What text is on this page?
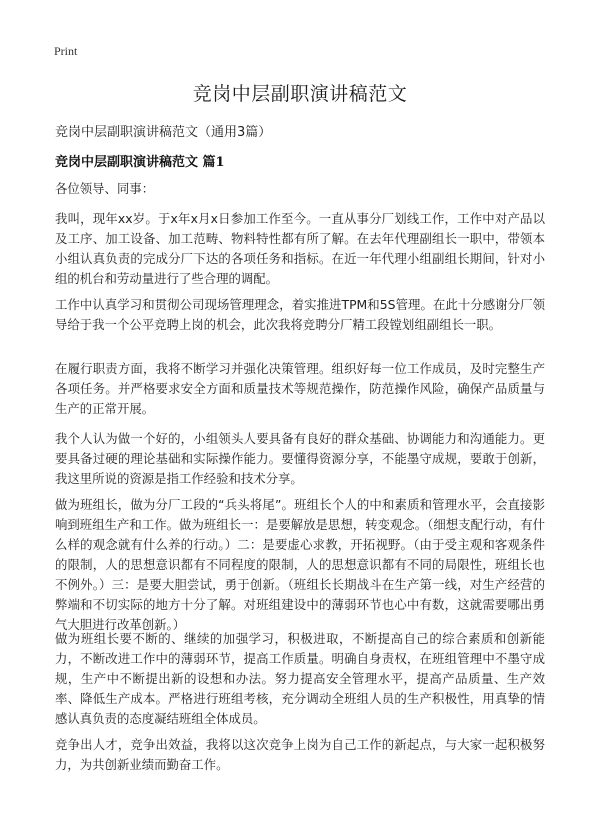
Print
竞岗中层副职演讲稿范文

竞岗中层副职演讲稿范文（通用3篇）

竞岗中层副职演讲稿范文 篇1

各位领导、同事：

我叫，现年xx岁。于x年x月x日参加工作至今。一直从事分厂划线工作，工作中对产品以及工序、加工设备、加工范畴、物料特性都有所了解。在去年代理副组长一职中，带领本小组认真负责的完成分厂下达的各项任务和指标。在近一年代理小组副组长期间，针对小组的机台和劳动量进行了些合理的调配。

工作中认真学习和贯彻公司现场管理理念，着实推进TPM和5S管理。在此十分感谢分厂领导给于我一个公平竞聘上岗的机会，此次我将竞聘分厂精工段镗划组副组长一职。

在履行职责方面，我将不断学习并强化决策管理。组织好每一位工作成员，及时完整生产各项任务。并严格要求安全方面和质量技术等规范操作，防范操作风险，确保产品质量与生产的正常开展。

我个人认为做一个好的，小组领头人要具备有良好的群众基础、协调能力和沟通能力。更要具备过硬的理论基础和实际操作能力。要懂得资源分享，不能墨守成规，要敢于创新，我这里所说的资源是指工作经验和技术分享。

做为班组长，做为分厂工段的“兵头将尾”。班组长个人的中和素质和管理水平，会直接影响到班组生产和工作。做为班组长一：是要解放是思想，转变观念。（细想支配行动，有什么样的观念就有什么养的行动。）二：是要虚心求教，开拓视野。（由于受主观和客观条件的限制，人的思想意识都有不同程度的限制，人的思想意识都有不同的局限性，班组长也不例外。）三：是要大胆尝试，勇于创新。（班组长长期战斗在生产第一线，对生产经营的弊端和不切实际的地方十分了解。对班组建设中的薄弱环节也心中有数，这就需要哪出勇气大胆进行改革创新。）

做为班组长要不断的、继续的加强学习，积极进取，不断提高自己的综合素质和创新能力，不断改进工作中的薄弱环节，提高工作质量。明确自身责权，在班组管理中不墨守成规，生产中不断提出新的设想和办法。努力提高安全管理水平，提高产品质量、生产效率、降低生产成本。严格进行班组考核，充分调动全班组人员的生产积极性，用真挚的情感认真负责的态度凝结班组全体成员。

竞争出人才，竞争出效益，我将以这次竞争上岗为自己工作的新起点，与大家一起积极努力，为共创新业绩而勤奋工作。
